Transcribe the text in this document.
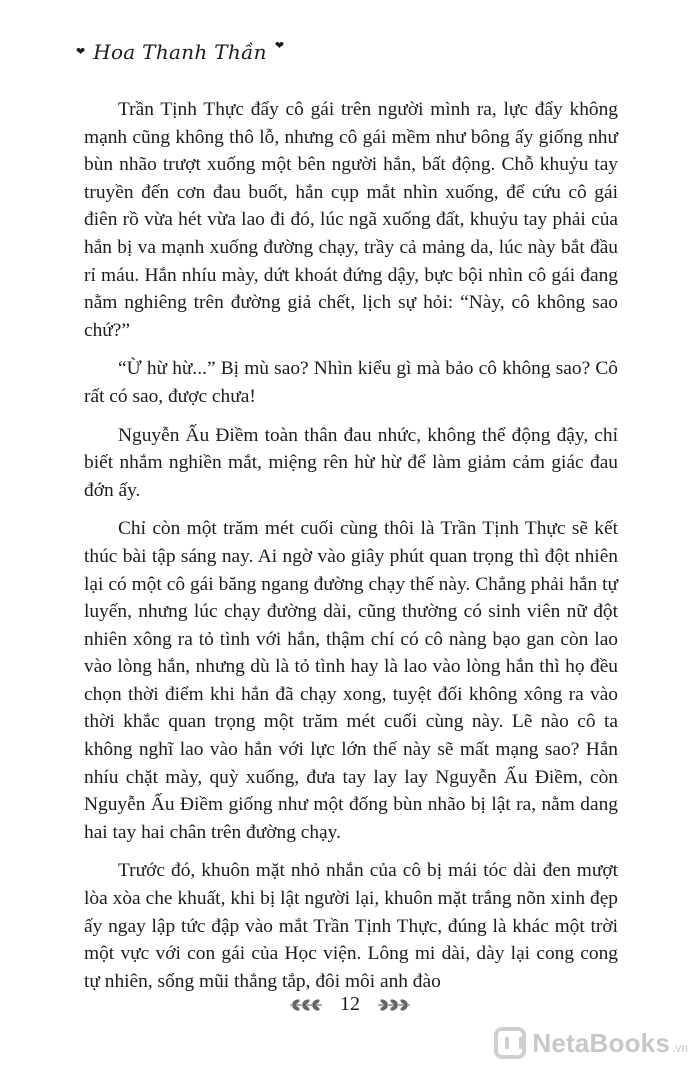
❤ Hoa Thanh Thần ❤

Trần Tịnh Thực đẩy cô gái trên người mình ra, lực đẩy không mạnh cũng không thô lỗ, nhưng cô gái mềm như bông ấy giống như bùn nhão trượt xuống một bên người hắn, bất động. Chỗ khuỷu tay truyền đến cơn đau buốt, hắn cụp mắt nhìn xuống, để cứu cô gái điên rồ vừa hét vừa lao đi đó, lúc ngã xuống đất, khuỷu tay phải của hắn bị va mạnh xuống đường chạy, trầy cả mảng da, lúc này bắt đầu rỉ máu. Hắn nhíu mày, dứt khoát đứng dậy, bực bội nhìn cô gái đang nằm nghiêng trên đường giả chết, lịch sự hỏi: “Này, cô không sao chứ?”

“Ừ hừ hừ...” Bị mù sao? Nhìn kiểu gì mà bảo cô không sao? Cô rất có sao, được chưa!

Nguyễn Ấu Điềm toàn thân đau nhức, không thể động đậy, chỉ biết nhắm nghiền mắt, miệng rên hừ hừ để làm giảm cảm giác đau đớn ấy.

Chỉ còn một trăm mét cuối cùng thôi là Trần Tịnh Thực sẽ kết thúc bài tập sáng nay. Ai ngờ vào giây phút quan trọng thì đột nhiên lại có một cô gái băng ngang đường chạy thế này. Chẳng phải hắn tự luyến, nhưng lúc chạy đường dài, cũng thường có sinh viên nữ đột nhiên xông ra tỏ tình với hắn, thậm chí có cô nàng bạo gan còn lao vào lòng hắn, nhưng dù là tỏ tình hay là lao vào lòng hắn thì họ đều chọn thời điểm khi hắn đã chạy xong, tuyệt đối không xông ra vào thời khắc quan trọng một trăm mét cuối cùng này. Lẽ nào cô ta không nghĩ lao vào hắn với lực lớn thế này sẽ mất mạng sao? Hắn nhíu chặt mày, quỳ xuống, đưa tay lay lay Nguyễn Ấu Điềm, còn Nguyễn Ấu Điềm giống như một đống bùn nhão bị lật ra, nằm dang hai tay hai chân trên đường chạy.

Trước đó, khuôn mặt nhỏ nhắn của cô bị mái tóc dài đen mượt lòa xòa che khuất, khi bị lật người lại, khuôn mặt trắng nõn xinh đẹp ấy ngay lập tức đập vào mắt Trần Tịnh Thực, đúng là khác một trời một vực với con gái của Học viện. Lông mi dài, dày lại cong cong tự nhiên, sống mũi thẳng tắp, đôi môi anh đào

12
NetaBooks .vn
